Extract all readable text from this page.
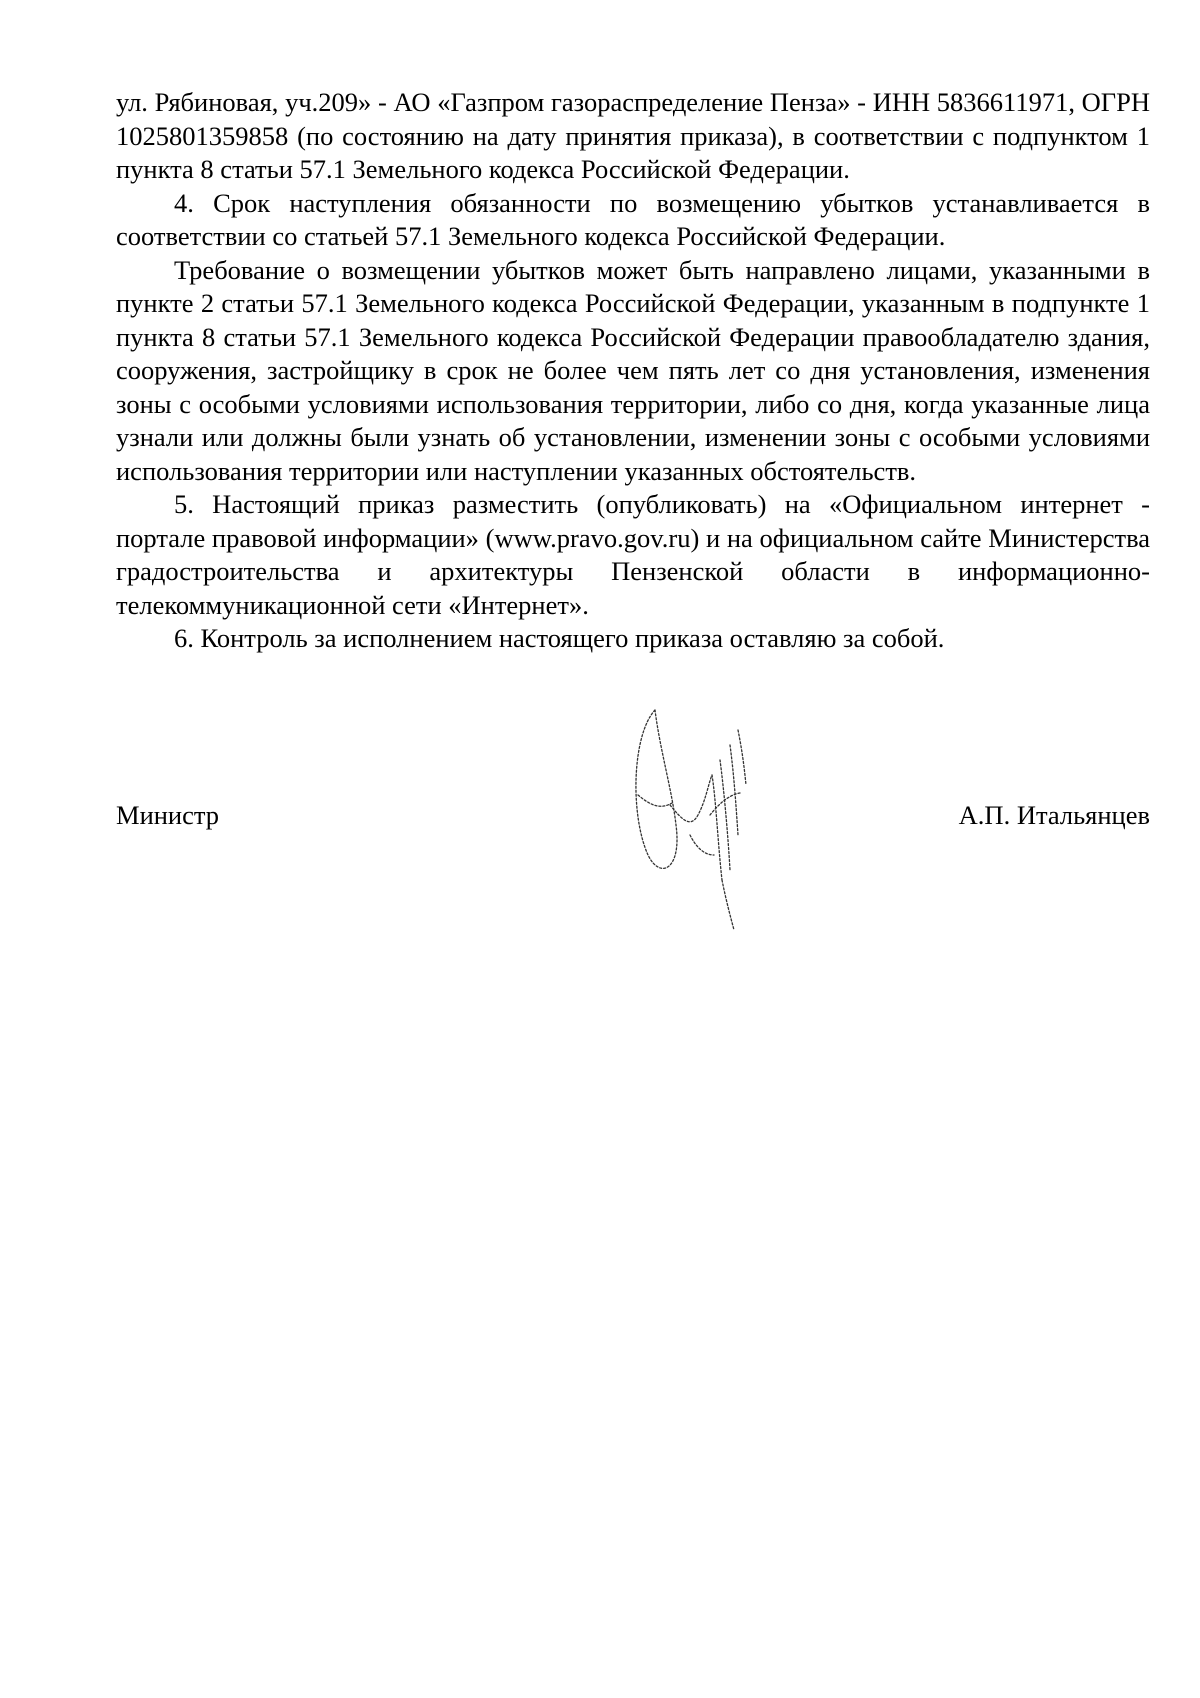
ул. Рябиновая, уч.209» - АО «Газпром газораспределение Пенза» - ИНН 5836611971, ОГРН 1025801359858 (по состоянию на дату принятия приказа), в соответствии с подпунктом 1 пункта 8 статьи 57.1 Земельного кодекса Российской Федерации.

4. Срок наступления обязанности по возмещению убытков устанавливается в соответствии со статьей 57.1 Земельного кодекса Российской Федерации.

Требование о возмещении убытков может быть направлено лицами, указанными в пункте 2 статьи 57.1 Земельного кодекса Российской Федерации, указанным в подпункте 1 пункта 8 статьи 57.1 Земельного кодекса Российской Федерации правообладателю здания, сооружения, застройщику в срок не более чем пять лет со дня установления, изменения зоны с особыми условиями использования территории, либо со дня, когда указанные лица узнали или должны были узнать об установлении, изменении зоны с особыми условиями использования территории или наступлении указанных обстоятельств.

5. Настоящий приказ разместить (опубликовать) на «Официальном интернет - портале правовой информации» (www.pravo.gov.ru) и на официальном сайте Министерства градостроительства и архитектуры Пензенской области в информационно-телекоммуникационной сети «Интернет».

6. Контроль за исполнением настоящего приказа оставляю за собой.

Министр	А.П. Итальянцев
